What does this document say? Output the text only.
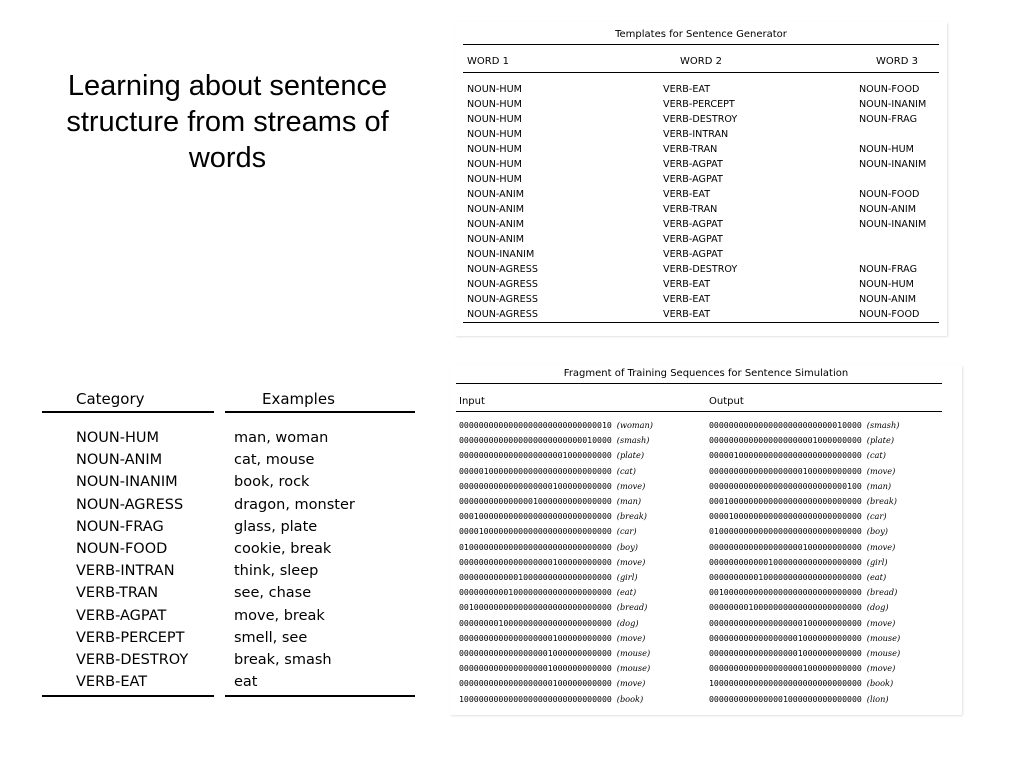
Learning about sentence structure from streams of words
Templates for Sentence Generator
WORD 1	WORD 2	WORD 3
NOUN-HUM	VERB-EAT	NOUN-FOOD
NOUN-HUM	VERB-PERCEPT	NOUN-INANIM
NOUN-HUM	VERB-DESTROY	NOUN-FRAG
NOUN-HUM	VERB-INTRAN
NOUN-HUM	VERB-TRAN	NOUN-HUM
NOUN-HUM	VERB-AGPAT	NOUN-INANIM
NOUN-HUM	VERB-AGPAT
NOUN-ANIM	VERB-EAT	NOUN-FOOD
NOUN-ANIM	VERB-TRAN	NOUN-ANIM
NOUN-ANIM	VERB-AGPAT	NOUN-INANIM
NOUN-ANIM	VERB-AGPAT
NOUN-INANIM	VERB-AGPAT
NOUN-AGRESS	VERB-DESTROY	NOUN-FRAG
NOUN-AGRESS	VERB-EAT	NOUN-HUM
NOUN-AGRESS	VERB-EAT	NOUN-ANIM
NOUN-AGRESS	VERB-EAT	NOUN-FOOD
Category	Examples
NOUN-HUM	man, woman
NOUN-ANIM	cat, mouse
NOUN-INANIM	book, rock
NOUN-AGRESS	dragon, monster
NOUN-FRAG	glass, plate
NOUN-FOOD	cookie, break
VERB-INTRAN	think, sleep
VERB-TRAN	see, chase
VERB-AGPAT	move, break
VERB-PERCEPT	smell, see
VERB-DESTROY	break, smash
VERB-EAT	eat
Fragment of Training Sequences for Sentence Simulation
Input	Output
0000000000000000000000000000010 (woman)	0000000000000000000000000010000 (smash)
0000000000000000000000000010000 (smash)	0000000000000000000001000000000 (plate)
0000000000000000000001000000000 (plate)	0000010000000000000000000000000 (cat)
0000010000000000000000000000000 (cat)	0000000000000000000100000000000 (move)
0000000000000000000100000000000 (move)	0000000000000000000000000000100 (man)
0000000000000001000000000000000 (man)	0001000000000000000000000000000 (break)
0001000000000000000000000000000 (break)	0000100000000000000000000000000 (car)
0000100000000000000000000000000 (car)	0100000000000000000000000000000 (boy)
0100000000000000000000000000000 (boy)	0000000000000000000100000000000 (move)
0000000000000000000100000000000 (move)	0000000000001000000000000000000 (girl)
0000000000001000000000000000000 (girl)	0000000000100000000000000000000 (eat)
0000000000100000000000000000000 (eat)	0010000000000000000000000000000 (bread)
0010000000000000000000000000000 (bread)	0000000010000000000000000000000 (dog)
0000000010000000000000000000000 (dog)	0000000000000000000100000000000 (move)
0000000000000000000100000000000 (move)	0000000000000000001000000000000 (mouse)
0000000000000000001000000000000 (mouse)	0000000000000000001000000000000 (mouse)
0000000000000000001000000000000 (mouse)	0000000000000000000100000000000 (move)
0000000000000000000100000000000 (move)	1000000000000000000000000000000 (book)
1000000000000000000000000000000 (book)	0000000000000001000000000000000 (lion)
